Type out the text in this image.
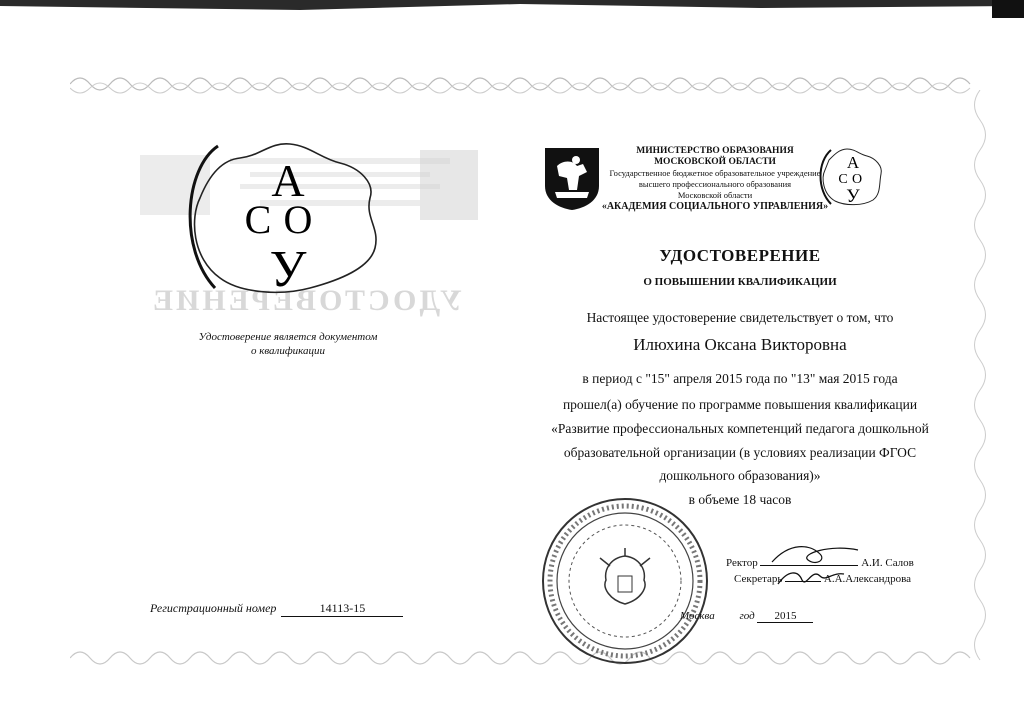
УДОСТОВЕРЕНИЕ
А
С О
У
Удостоверение является документом
о квалификации
Регистрационный номер	14113-15
МИНИСТЕРСТВО ОБРАЗОВАНИЯ
МОСКОВСКОЙ ОБЛАСТИ
Государственное бюджетное образовательное учреждение
высшего профессионального образования
Московской области
«АКАДЕМИЯ СОЦИАЛЬНОГО УПРАВЛЕНИЯ»
А
С О
У
УДОСТОВЕРЕНИЕ
О ПОВЫШЕНИИ КВАЛИФИКАЦИИ
Настоящее удостоверение свидетельствует о том, что
Илюхина Оксана Викторовна
в период с "15" апреля 2015 года по "13" мая 2015 года
прошел(а) обучение по программе повышения квалификации
«Развитие профессиональных компетенций педагога дошкольной
образовательной организации (в условиях реализации ФГОС
дошкольного образования)»
в объеме 18 часов
Ректор	А.И. Салов
Секретарь	А.А.Александрова
Москва год 2015
